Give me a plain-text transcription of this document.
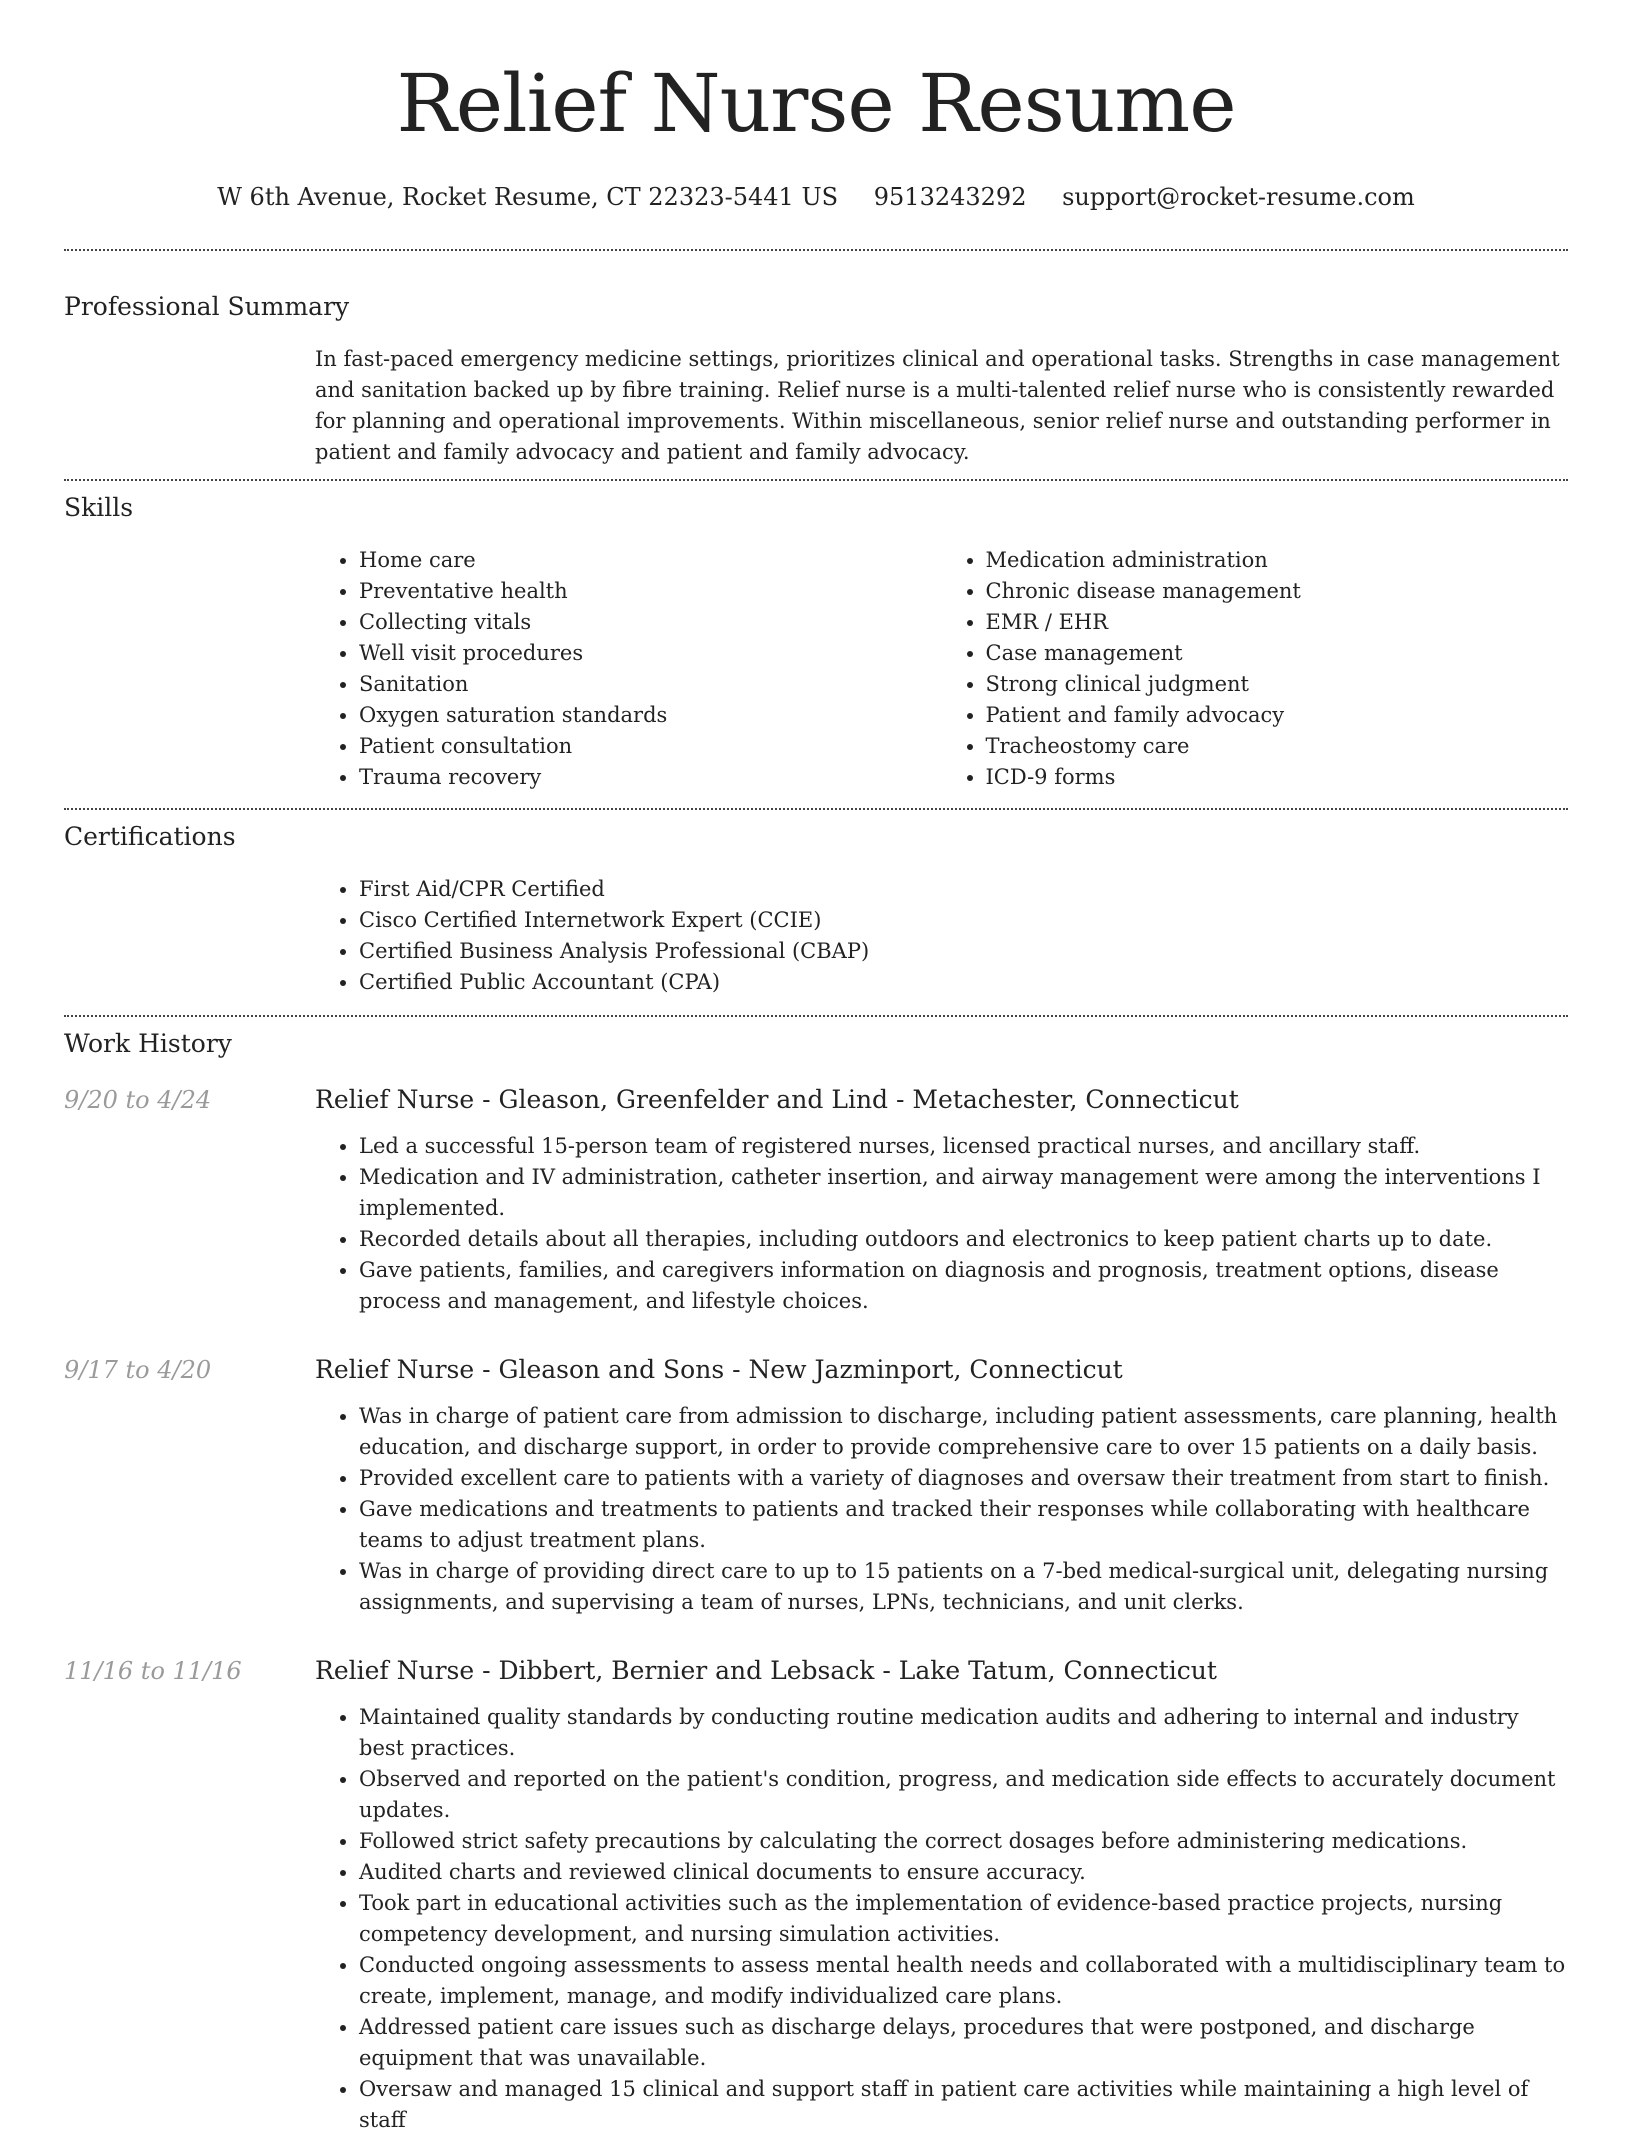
Relief Nurse Resume
W 6th Avenue, Rocket Resume, CT 22323-5441 US 9513243292 support@rocket-resume.com
Professional Summary
In fast-paced emergency medicine settings, prioritizes clinical and operational tasks. Strengths in case management and sanitation backed up by fibre training. Relief nurse is a multi-talented relief nurse who is consistently rewarded for planning and operational improvements. Within miscellaneous, senior relief nurse and outstanding performer in patient and family advocacy and patient and family advocacy.
Skills
• Home care
• Preventative health
• Collecting vitals
• Well visit procedures
• Sanitation
• Oxygen saturation standards
• Patient consultation
• Trauma recovery
• Medication administration
• Chronic disease management
• EMR / EHR
• Case management
• Strong clinical judgment
• Patient and family advocacy
• Tracheostomy care
• ICD-9 forms
Certifications
• First Aid/CPR Certified
• Cisco Certified Internetwork Expert (CCIE)
• Certified Business Analysis Professional (CBAP)
• Certified Public Accountant (CPA)
Work History
9/20 to 4/24	Relief Nurse - Gleason, Greenfelder and Lind - Metachester, Connecticut
• Led a successful 15-person team of registered nurses, licensed practical nurses, and ancillary staff.
• Medication and IV administration, catheter insertion, and airway management were among the interventions I implemented.
• Recorded details about all therapies, including outdoors and electronics to keep patient charts up to date.
• Gave patients, families, and caregivers information on diagnosis and prognosis, treatment options, disease process and management, and lifestyle choices.
9/17 to 4/20	Relief Nurse - Gleason and Sons - New Jazminport, Connecticut
• Was in charge of patient care from admission to discharge, including patient assessments, care planning, health education, and discharge support, in order to provide comprehensive care to over 15 patients on a daily basis.
• Provided excellent care to patients with a variety of diagnoses and oversaw their treatment from start to finish.
• Gave medications and treatments to patients and tracked their responses while collaborating with healthcare teams to adjust treatment plans.
• Was in charge of providing direct care to up to 15 patients on a 7-bed medical-surgical unit, delegating nursing assignments, and supervising a team of nurses, LPNs, technicians, and unit clerks.
11/16 to 11/16	Relief Nurse - Dibbert, Bernier and Lebsack - Lake Tatum, Connecticut
• Maintained quality standards by conducting routine medication audits and adhering to internal and industry best practices.
• Observed and reported on the patient's condition, progress, and medication side effects to accurately document updates.
• Followed strict safety precautions by calculating the correct dosages before administering medications.
• Audited charts and reviewed clinical documents to ensure accuracy.
• Took part in educational activities such as the implementation of evidence-based practice projects, nursing competency development, and nursing simulation activities.
• Conducted ongoing assessments to assess mental health needs and collaborated with a multidisciplinary team to create, implement, manage, and modify individualized care plans.
• Addressed patient care issues such as discharge delays, procedures that were postponed, and discharge equipment that was unavailable.
• Oversaw and managed 15 clinical and support staff in patient care activities while maintaining a high level of staff
